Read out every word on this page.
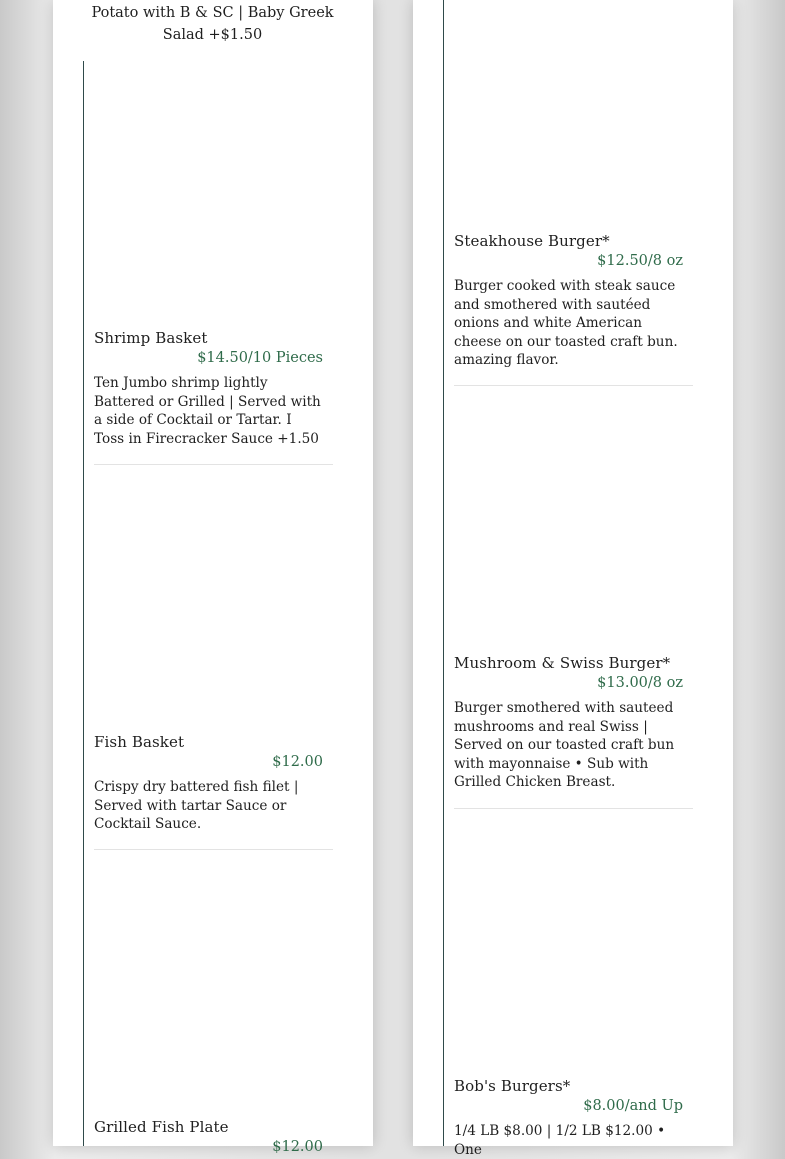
Potato with B & SC | Baby Greek Salad +$1.50
Shrimp Basket
$14.50/10 Pieces
Ten Jumbo shrimp lightly Battered or Grilled | Served with a side of Cocktail or Tartar. I Toss in Firecracker Sauce +1.50
Fish Basket
$12.00
Crispy dry battered fish filet | Served with tartar Sauce or Cocktail Sauce.
Grilled Fish Plate
$12.00
Steakhouse Burger*
$12.50/8 oz
Burger cooked with steak sauce and smothered with sautéed onions and white American cheese on our toasted craft bun. amazing flavor.
Mushroom & Swiss Burger*
$13.00/8 oz
Burger smothered with sauteed mushrooms and real Swiss | Served on our toasted craft bun with mayonnaise • Sub with Grilled Chicken Breast.
Bob's Burgers*
$8.00/and Up
1/4 LB $8.00 | 1/2 LB $12.00 • One
